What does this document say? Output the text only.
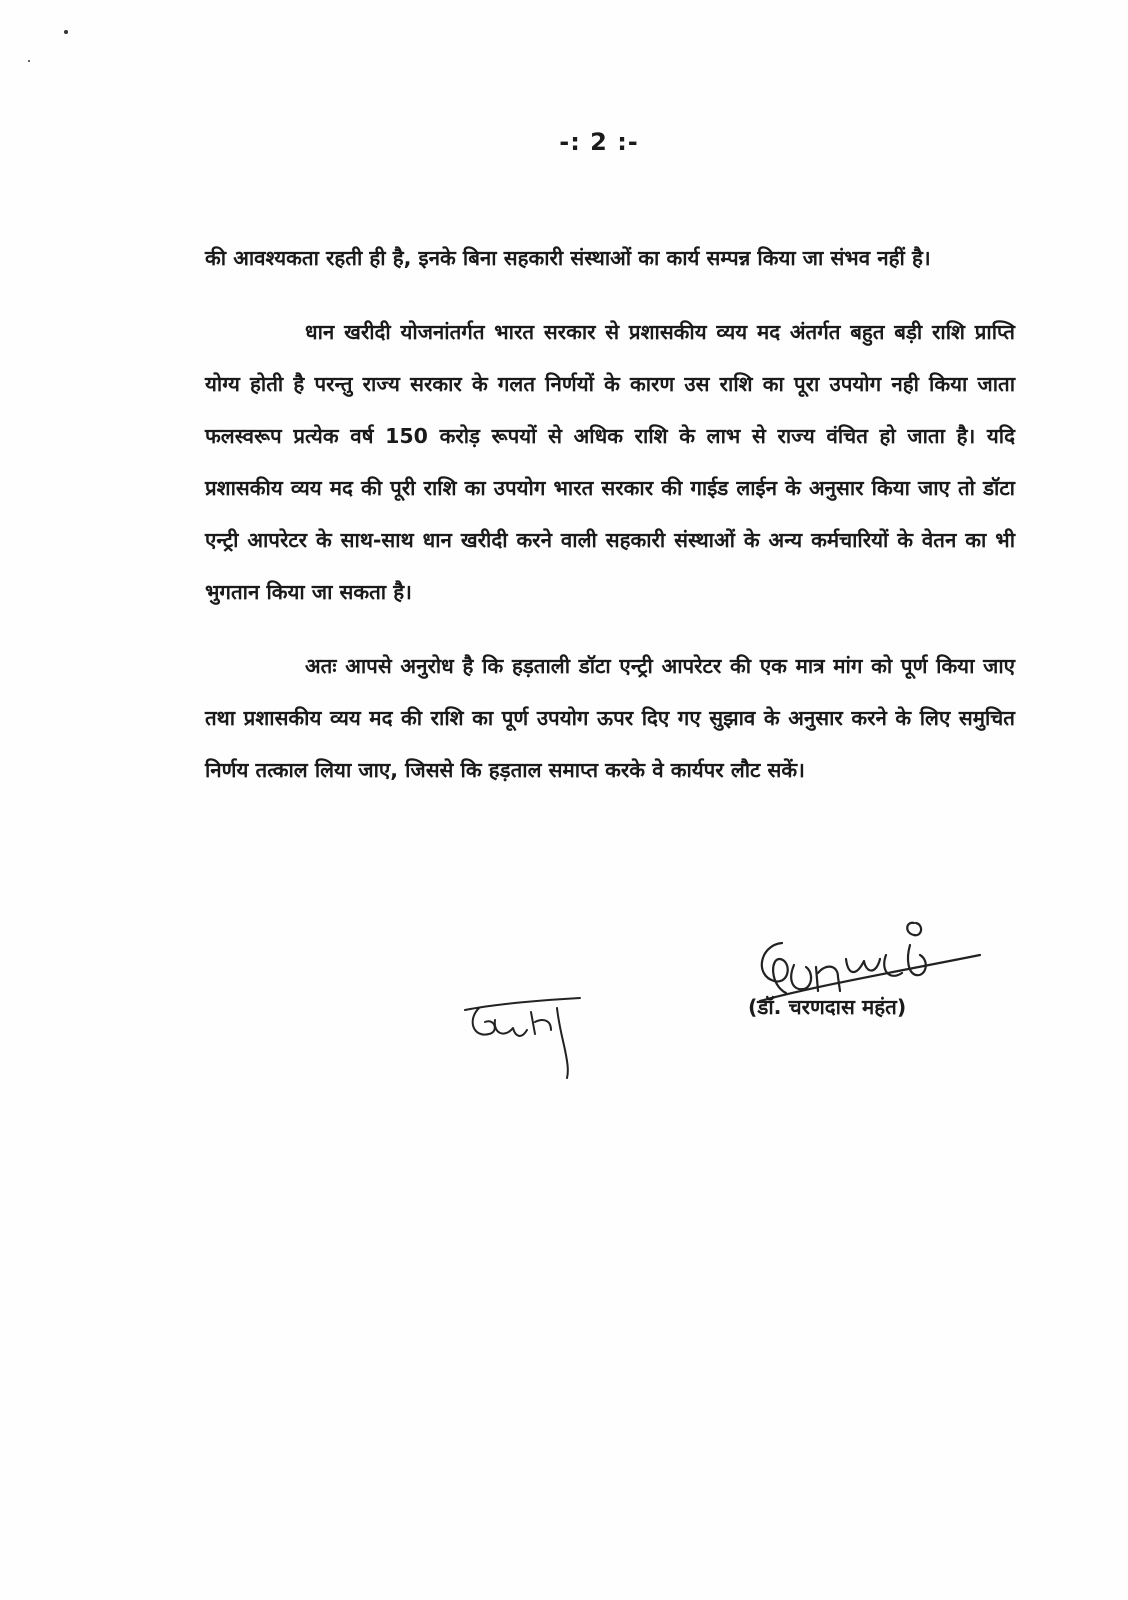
-: 2 :-

की आवश्यकता रहती ही है, इनके बिना सहकारी संस्थाओं का कार्य सम्पन्न किया जा संभव नहीं है।

धान खरीदी योजनांतर्गत भारत सरकार से प्रशासकीय व्यय मद अंतर्गत बहुत बड़ी राशि प्राप्ति योग्य होती है परन्तु राज्य सरकार के गलत निर्णयों के कारण उस राशि का पूरा उपयोग नही किया जाता फलस्वरूप प्रत्येक वर्ष 150 करोड़ रूपयों से अधिक राशि के लाभ से राज्य वंचित हो जाता है। यदि प्रशासकीय व्यय मद की पूरी राशि का उपयोग भारत सरकार की गाईड लाईन के अनुसार किया जाए तो डॉटा एन्ट्री आपरेटर के साथ-साथ धान खरीदी करने वाली सहकारी संस्थाओं के अन्य कर्मचारियों के वेतन का भी भुगतान किया जा सकता है।

अतः आपसे अनुरोध है कि हड़ताली डॉटा एन्ट्री आपरेटर की एक मात्र मांग को पूर्ण किया जाए तथा प्रशासकीय व्यय मद की राशि का पूर्ण उपयोग ऊपर दिए गए सुझाव के अनुसार करने के लिए समुचित निर्णय तत्काल लिया जाए, जिससे कि हड़ताल समाप्त करके वे कार्यपर लौट सकें।

(डॉ. चरणदास महंत)
